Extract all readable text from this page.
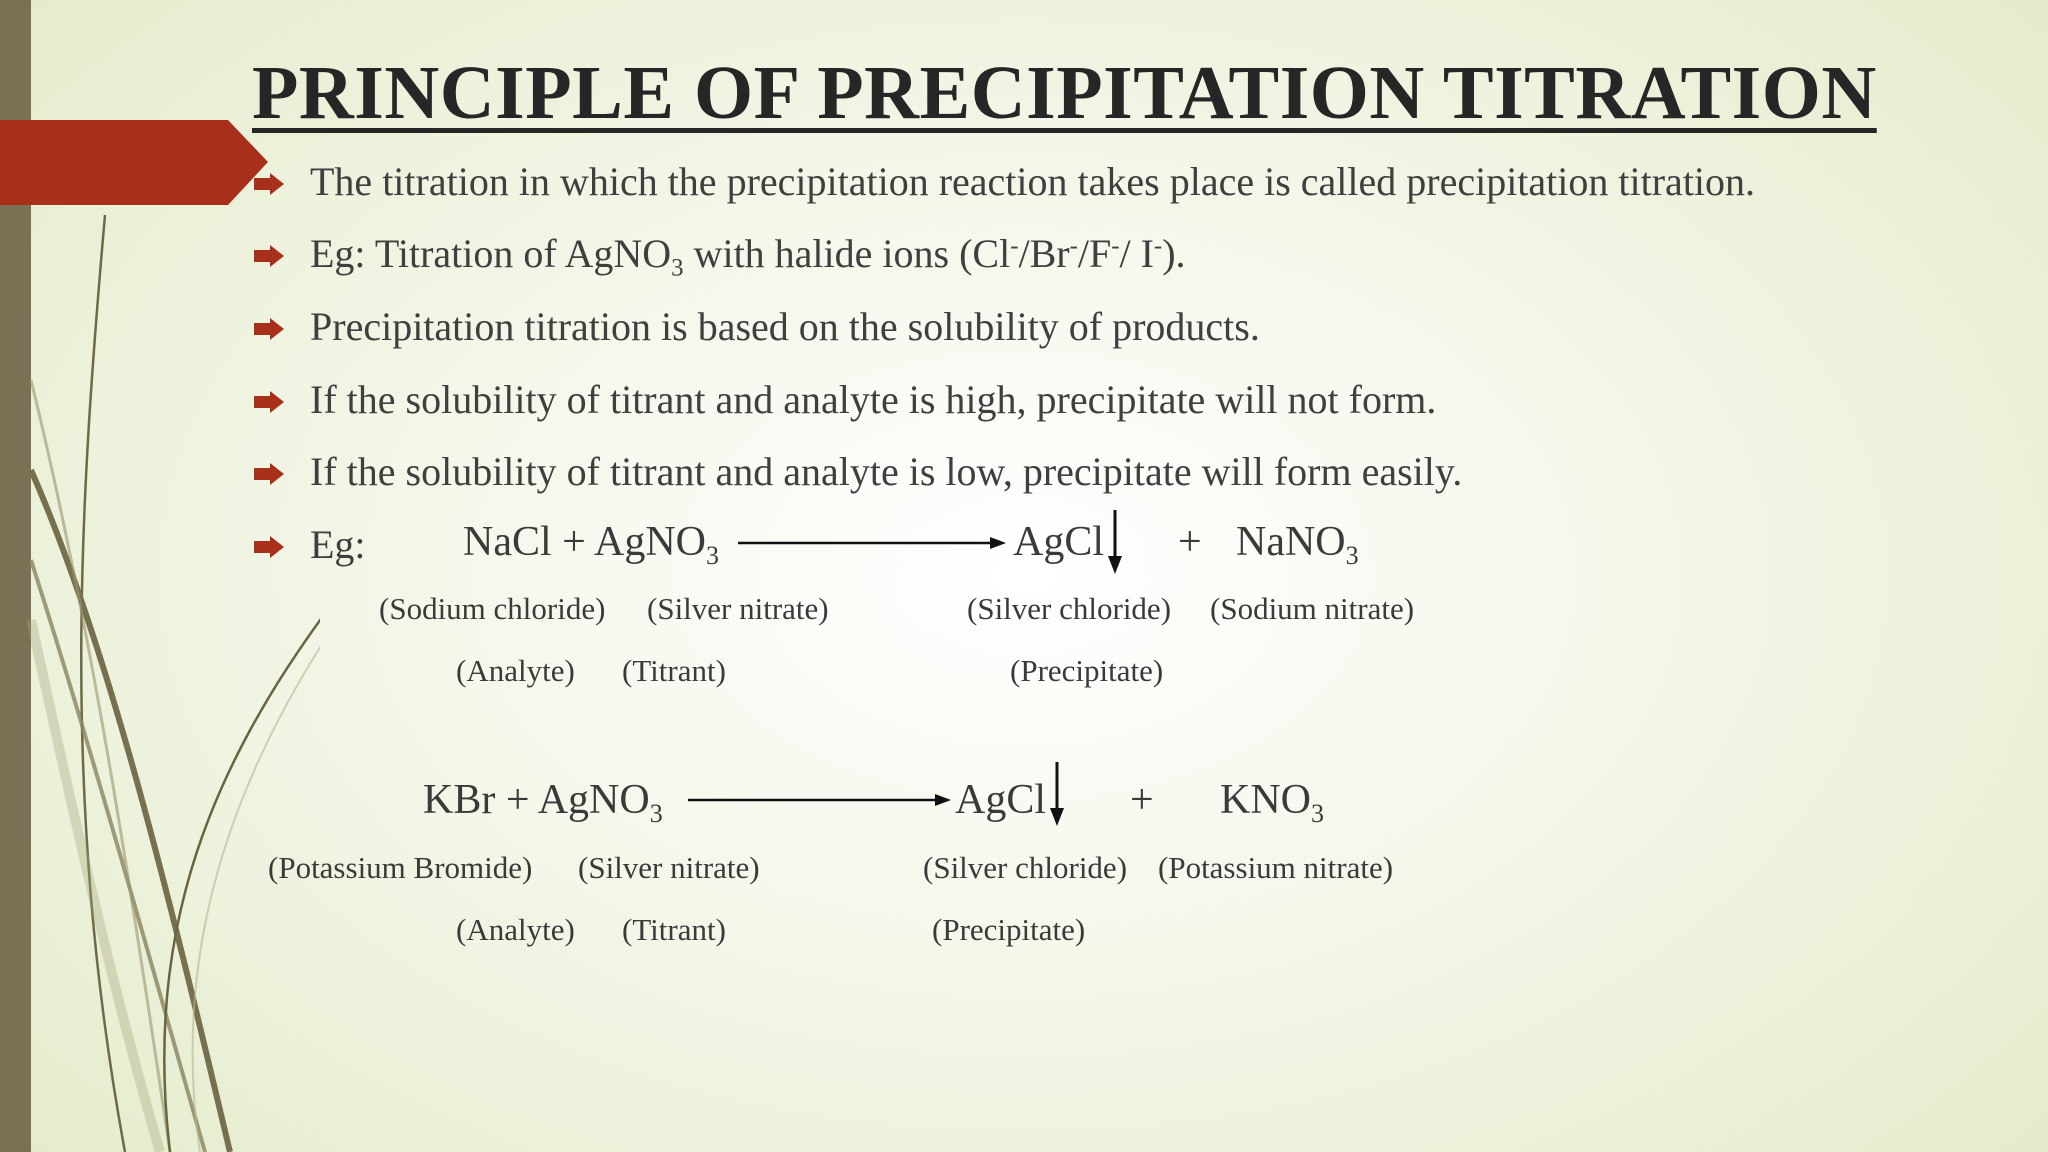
PRINCIPLE OF PRECIPITATION TITRATION
The titration in which the precipitation reaction takes place is called precipitation titration.
Eg: Titration of AgNO$_3$ with halide ions (Cl-/Br-/F-/ I-).
Precipitation titration is based on the solubility of products.
If the solubility of titrant and analyte is high, precipitate will not form.
If the solubility of titrant and analyte is low, precipitate will form easily.
Eg: NaCl + AgNO$_3$	AgCl + NaNO$_3$
(Sodium chloride) (Silver nitrate)	(Silver chloride) (Sodium nitrate)
(Analyte) (Titrant)	(Precipitate)
KBr + AgNO$_3$	AgCl + $KNO_3$
(Potassium Bromide) (Silver nitrate)	(Silver chloride) (Potassium nitrate)
(Analyte) (Titrant)	(Precipitate)
